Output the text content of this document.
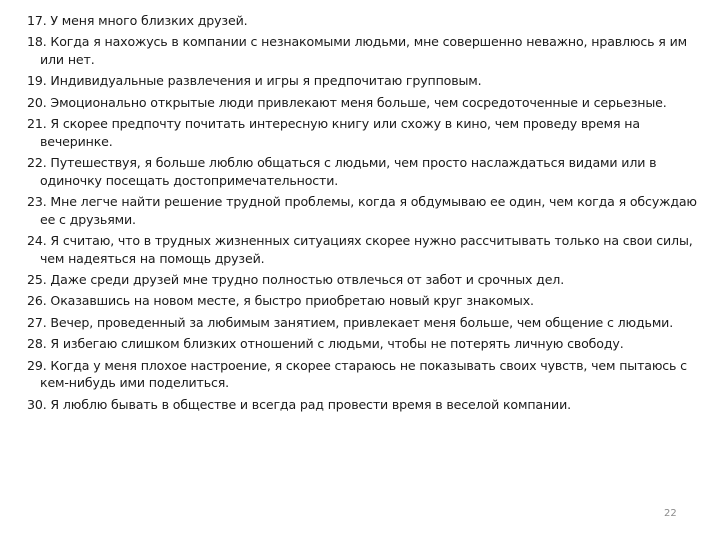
17. У меня много близких друзей.
18. Когда я нахожусь в компании с незнакомыми людьми, мне совершенно неважно, нравлюсь я им или нет.
19. Индивидуальные развлечения и игры я предпочитаю групповым.
20. Эмоционально открытые люди привлекают меня больше, чем сосредоточенные и серьезные.
21. Я скорее предпочту почитать интересную книгу или схожу в кино, чем проведу время на вечеринке.
22. Путешествуя, я больше люблю общаться с людьми, чем просто наслаждаться видами или в одиночку посещать достопримечательности.
23. Мне легче найти решение трудной проблемы, когда я обдумываю ее один, чем когда я обсуждаю ее с друзьями.
24. Я считаю, что в трудных жизненных ситуациях скорее нужно рассчитывать только на свои силы, чем надеяться на помощь друзей.
25. Даже среди друзей мне трудно полностью отвлечься от забот и срочных дел.
26. Оказавшись на новом месте, я быстро приобретаю новый круг знакомых.
27. Вечер, проведенный за любимым занятием, привлекает меня больше, чем общение с людьми.
28. Я избегаю слишком близких отношений с людьми, чтобы не потерять личную свободу.
29. Когда у меня плохое настроение, я скорее стараюсь не показывать своих чувств, чем пытаюсь с кем-нибудь ими поделиться.
30. Я люблю бывать в обществе и всегда рад провести время в веселой компании.
22
